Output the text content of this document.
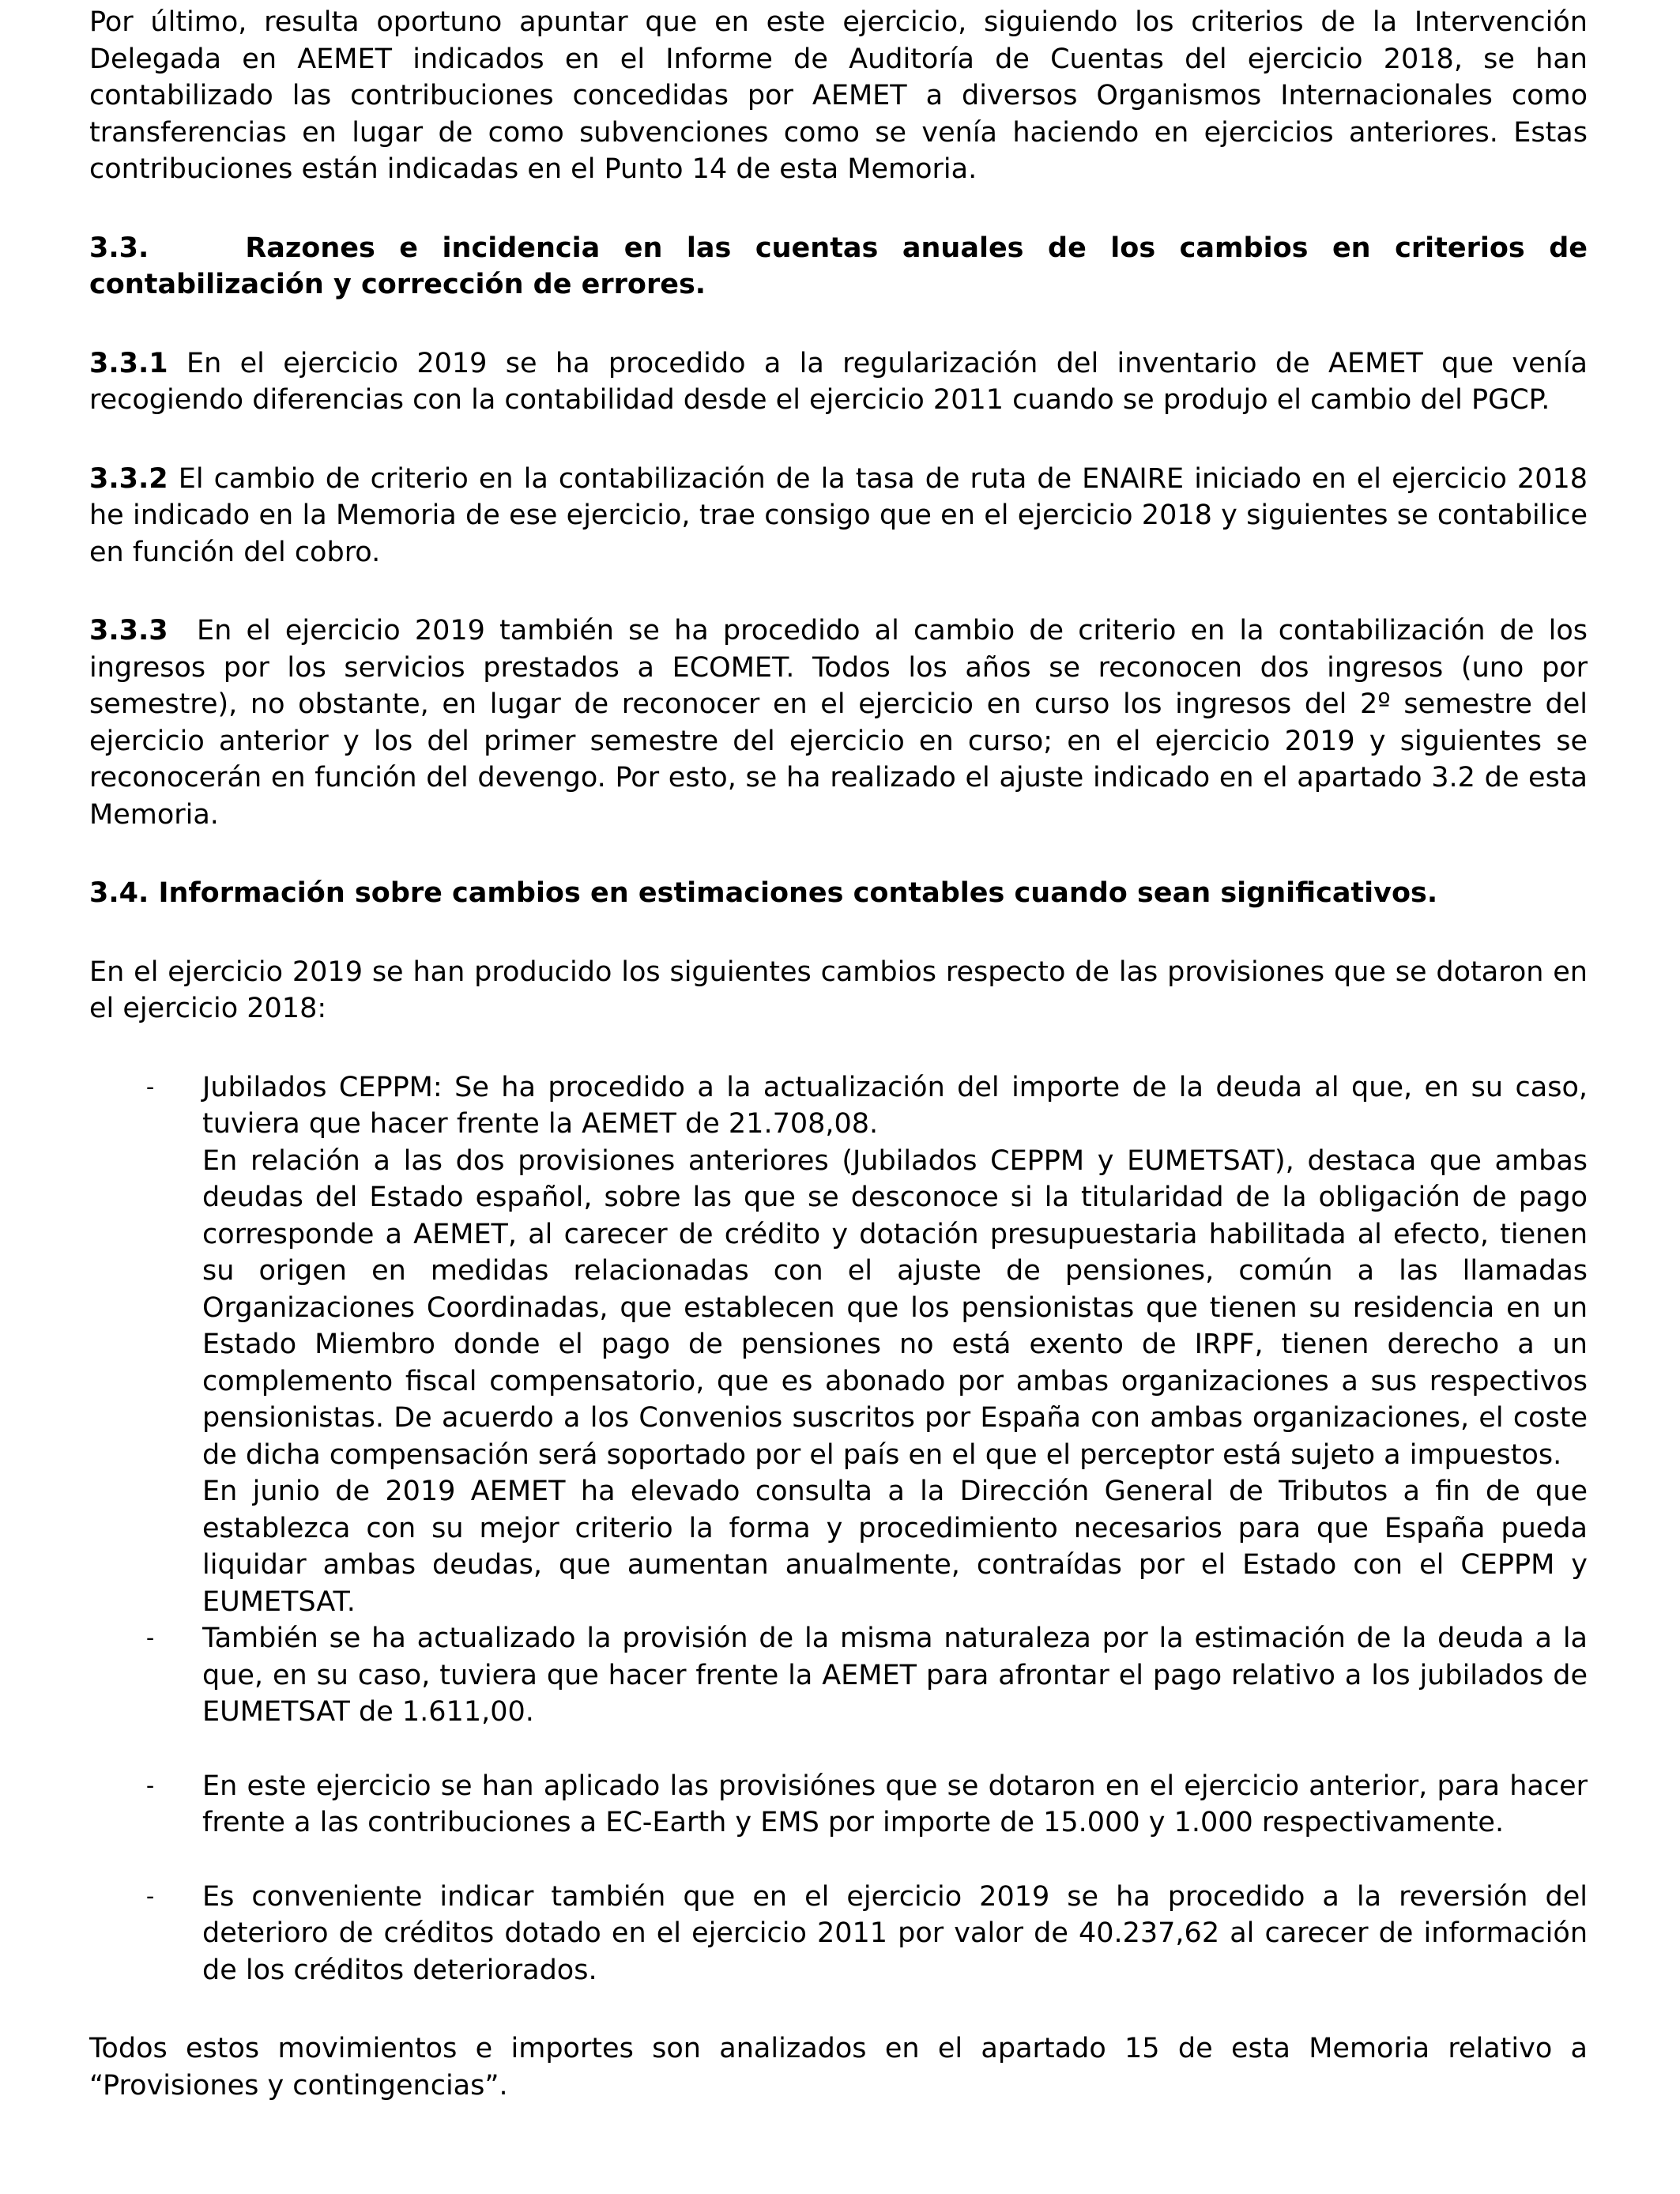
Por último, resulta oportuno apuntar que en este ejercicio, siguiendo los criterios de la Intervención Delegada en AEMET indicados en el Informe de Auditoría de Cuentas del ejercicio 2018, se han contabilizado las contribuciones concedidas por AEMET a diversos Organismos Internacionales como transferencias en lugar de como subvenciones como se venía haciendo en ejercicios anteriores. Estas contribuciones están indicadas en el Punto 14 de esta Memoria.

3.3.	Razones e incidencia en las cuentas anuales de los cambios en criterios de contabilización y corrección de errores.

3.3.1 En el ejercicio 2019 se ha procedido a la regularización del inventario de AEMET que venía recogiendo diferencias con la contabilidad desde el ejercicio 2011 cuando se produjo el cambio del PGCP.

3.3.2 El cambio de criterio en la contabilización de la tasa de ruta de ENAIRE iniciado en el ejercicio 2018 he indicado en la Memoria de ese ejercicio, trae consigo que en el ejercicio 2018 y siguientes se contabilice en función del cobro.

3.3.3  En el ejercicio 2019 también se ha procedido al cambio de criterio en la contabilización de los ingresos por los servicios prestados a ECOMET. Todos los años se reconocen dos ingresos (uno por semestre), no obstante, en lugar de reconocer en el ejercicio en curso los ingresos del 2º semestre del ejercicio anterior y los del primer semestre del ejercicio en curso; en el ejercicio 2019 y siguientes se reconocerán en función del devengo. Por esto, se ha realizado el ajuste indicado en el apartado 3.2 de esta Memoria.

3.4. Información sobre cambios en estimaciones contables cuando sean significativos.

En el ejercicio 2019 se han producido los siguientes cambios respecto de las provisiones que se dotaron en el ejercicio 2018:

- Jubilados CEPPM: Se ha procedido a la actualización del importe de la deuda al que, en su caso, tuviera que hacer frente la AEMET de 21.708,08.

En relación a las dos provisiones anteriores (Jubilados CEPPM y EUMETSAT), destaca que ambas deudas del Estado español, sobre las que se desconoce si la titularidad de la obligación de pago corresponde a AEMET, al carecer de crédito y dotación presupuestaria habilitada al efecto, tienen su origen en medidas relacionadas con el ajuste de pensiones, común a las llamadas Organizaciones Coordinadas, que establecen que los pensionistas que tienen su residencia en un Estado Miembro donde el pago de pensiones no está exento de IRPF, tienen derecho a un complemento fiscal compensatorio, que es abonado por ambas organizaciones a sus respectivos pensionistas. De acuerdo a los Convenios suscritos por España con ambas organizaciones, el coste de dicha compensación será soportado por el país en el que el perceptor está sujeto a impuestos.

En junio de 2019 AEMET ha elevado consulta a la Dirección General de Tributos a fin de que establezca con su mejor criterio la forma y procedimiento necesarios para que España pueda liquidar ambas deudas, que aumentan anualmente, contraídas por el Estado con el CEPPM y EUMETSAT.

- También se ha actualizado la provisión de la misma naturaleza por la estimación de la deuda a la que, en su caso, tuviera que hacer frente la AEMET para afrontar el pago relativo a los jubilados de EUMETSAT de 1.611,00.

- En este ejercicio se han aplicado las provisiónes que se dotaron en el ejercicio anterior, para hacer frente a las contribuciones a EC-Earth y EMS por importe de 15.000 y 1.000 respectivamente.

- Es conveniente indicar también que en el ejercicio 2019 se ha procedido a la reversión del deterioro de créditos dotado en el ejercicio 2011 por valor de 40.237,62 al carecer de información de los créditos deteriorados.

Todos estos movimientos e importes son analizados en el apartado 15 de esta Memoria relativo a “Provisiones y contingencias”.
